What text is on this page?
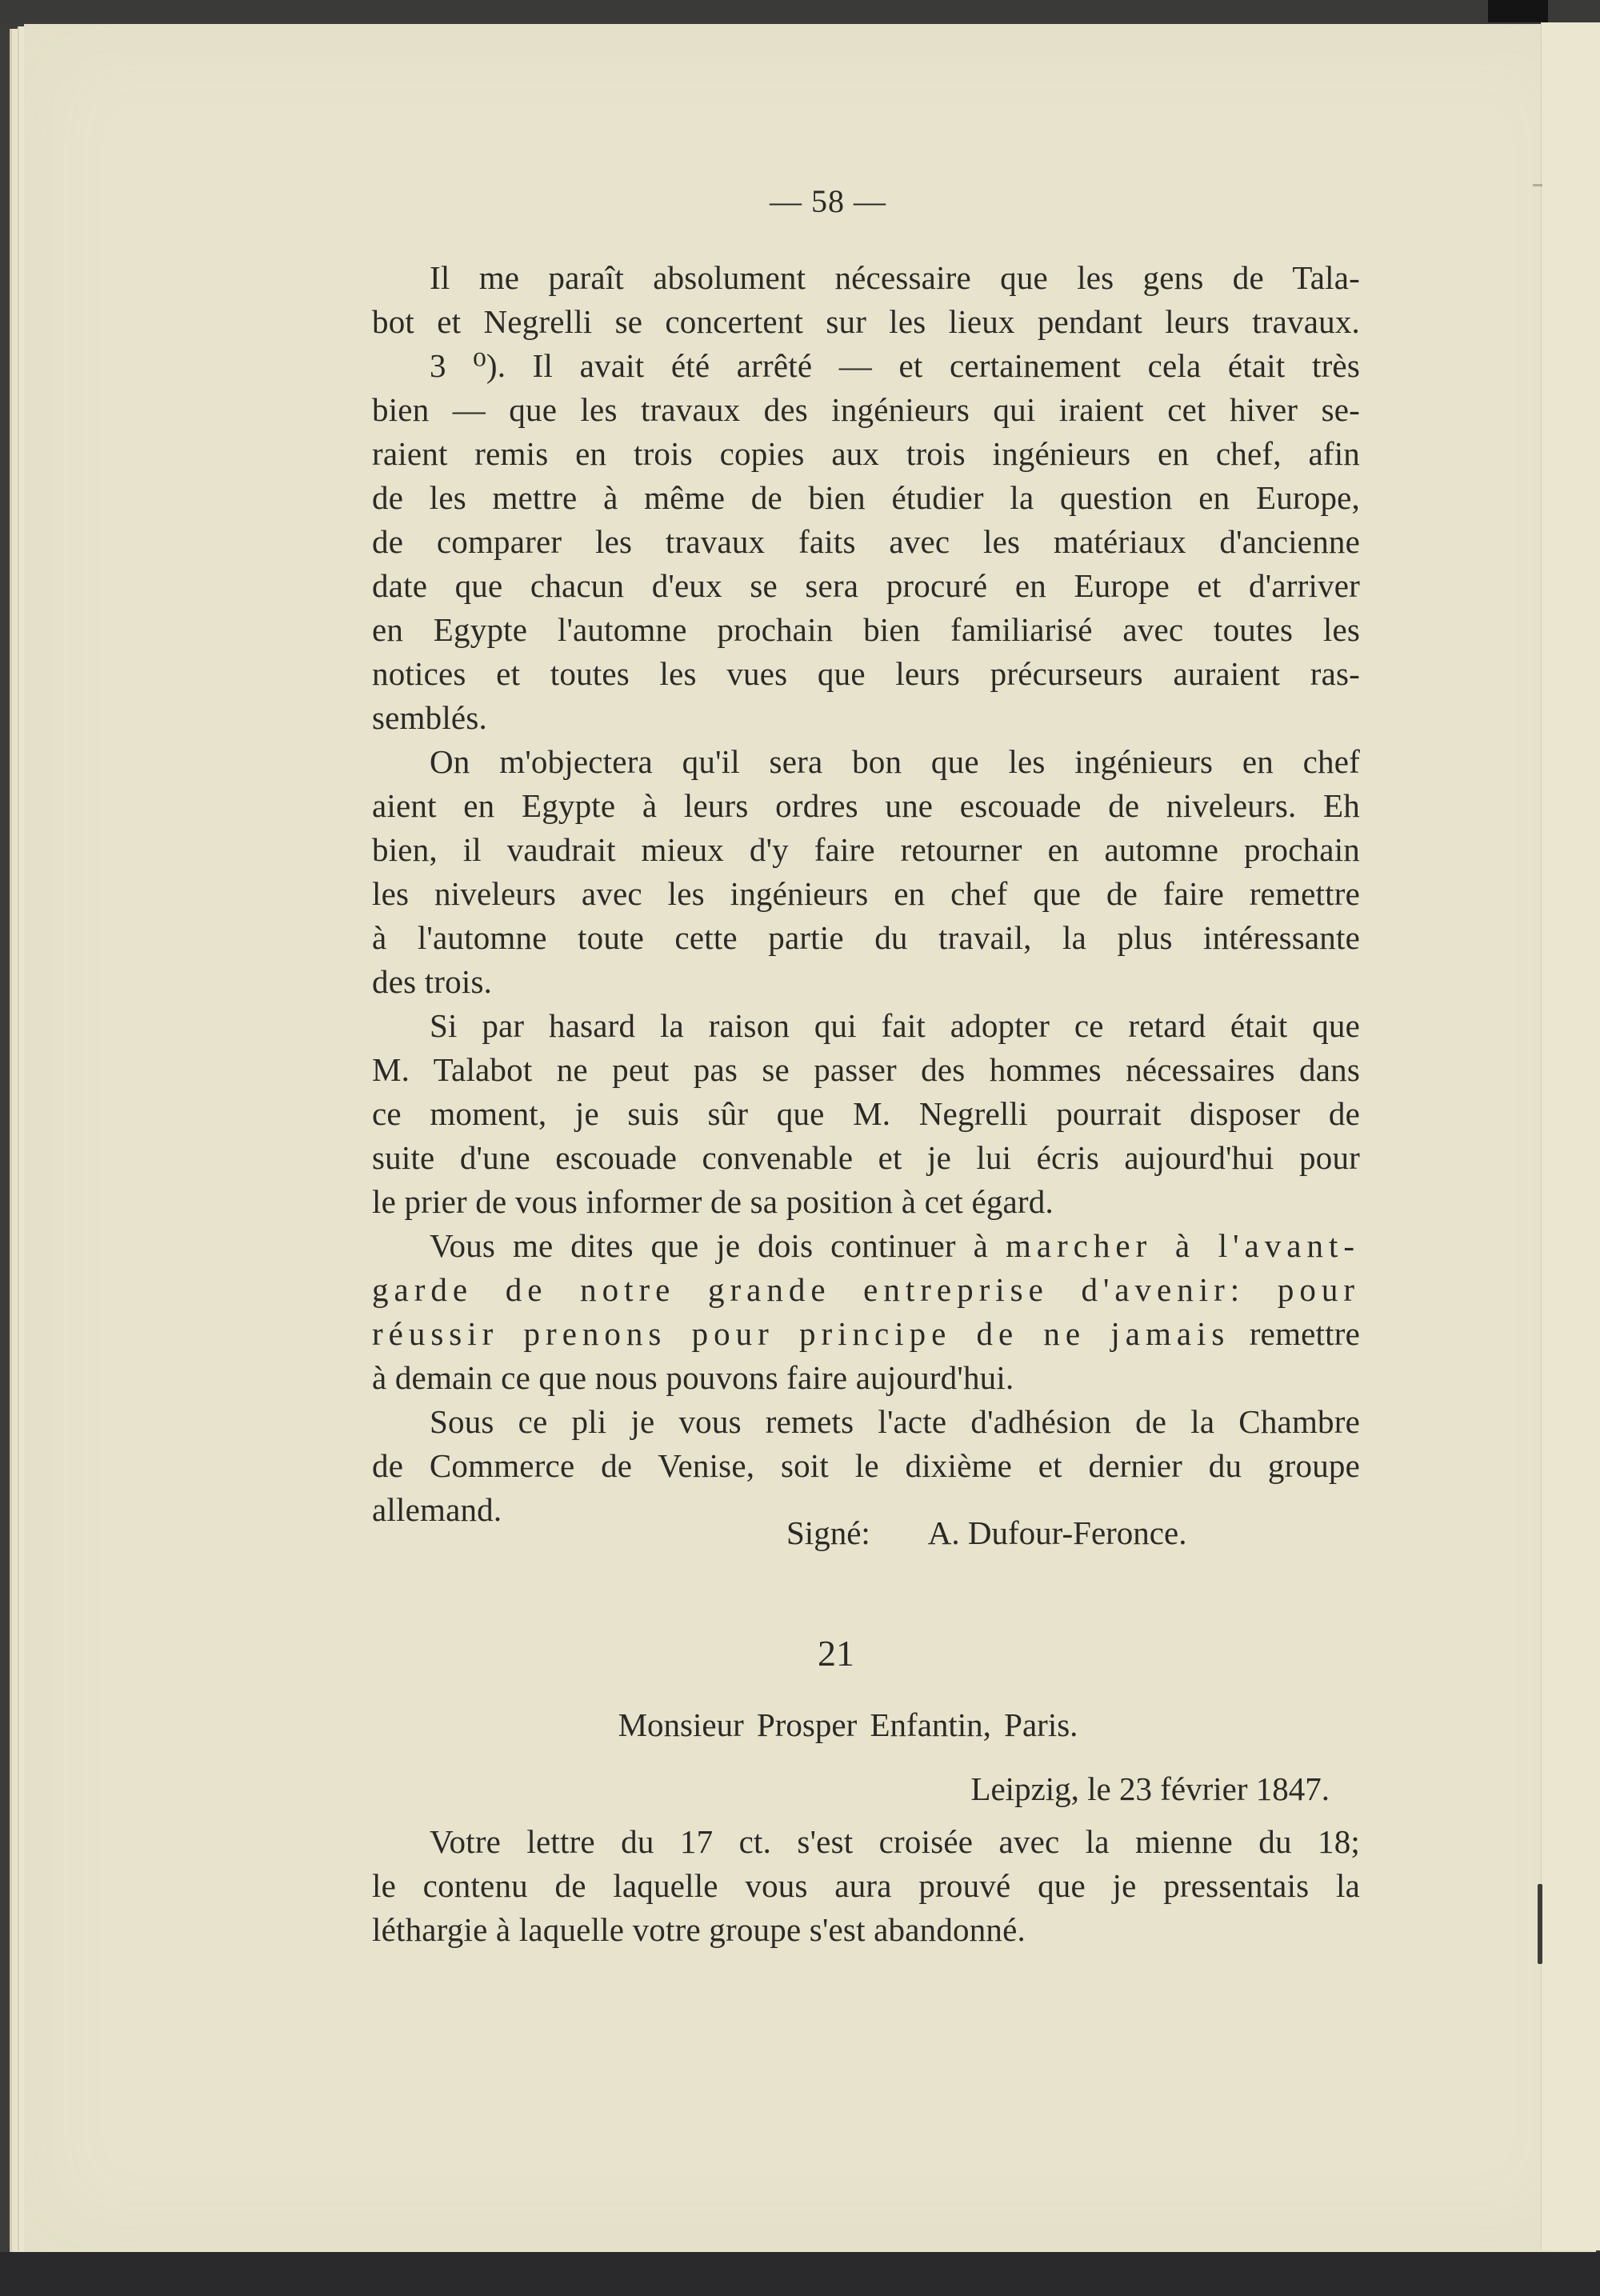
— 58 —
Il me paraît absolument nécessaire que les gens de Tala-
bot et Negrelli se concertent sur les lieux pendant leurs travaux.
3 ⁰). Il avait été arrêté — et certainement cela était très
bien — que les travaux des ingénieurs qui iraient cet hiver se-
raient remis en trois copies aux trois ingénieurs en chef, afin
de les mettre à même de bien étudier la question en Europe,
de comparer les travaux faits avec les matériaux d'ancienne
date que chacun d'eux se sera procuré en Europe et d'arriver
en Egypte l'automne prochain bien familiarisé avec toutes les
notices et toutes les vues que leurs précurseurs auraient ras-
semblés.
On m'objectera qu'il sera bon que les ingénieurs en chef
aient en Egypte à leurs ordres une escouade de niveleurs. Eh
bien, il vaudrait mieux d'y faire retourner en automne prochain
les niveleurs avec les ingénieurs en chef que de faire remettre
à l'automne toute cette partie du travail, la plus intéressante
des trois.
Si par hasard la raison qui fait adopter ce retard était que
M. Talabot ne peut pas se passer des hommes nécessaires dans
ce moment, je suis sûr que M. Negrelli pourrait disposer de
suite d'une escouade convenable et je lui écris aujourd'hui pour
le prier de vous informer de sa position à cet égard.
Vous me dites que je dois continuer à marcher à l'avant-
garde de notre grande entreprise d'avenir: pour
réussir prenons pour principe de ne jamais remettre
à demain ce que nous pouvons faire aujourd'hui.
Sous ce pli je vous remets l'acte d'adhésion de la Chambre
de Commerce de Venise, soit le dixième et dernier du groupe
allemand.
Signé: A. Dufour-Feronce.
21
Monsieur Prosper Enfantin, Paris.
Leipzig, le 23 février 1847.
Votre lettre du 17 ct. s'est croisée avec la mienne du 18;
le contenu de laquelle vous aura prouvé que je pressentais la
léthargie à laquelle votre groupe s'est abandonné.
